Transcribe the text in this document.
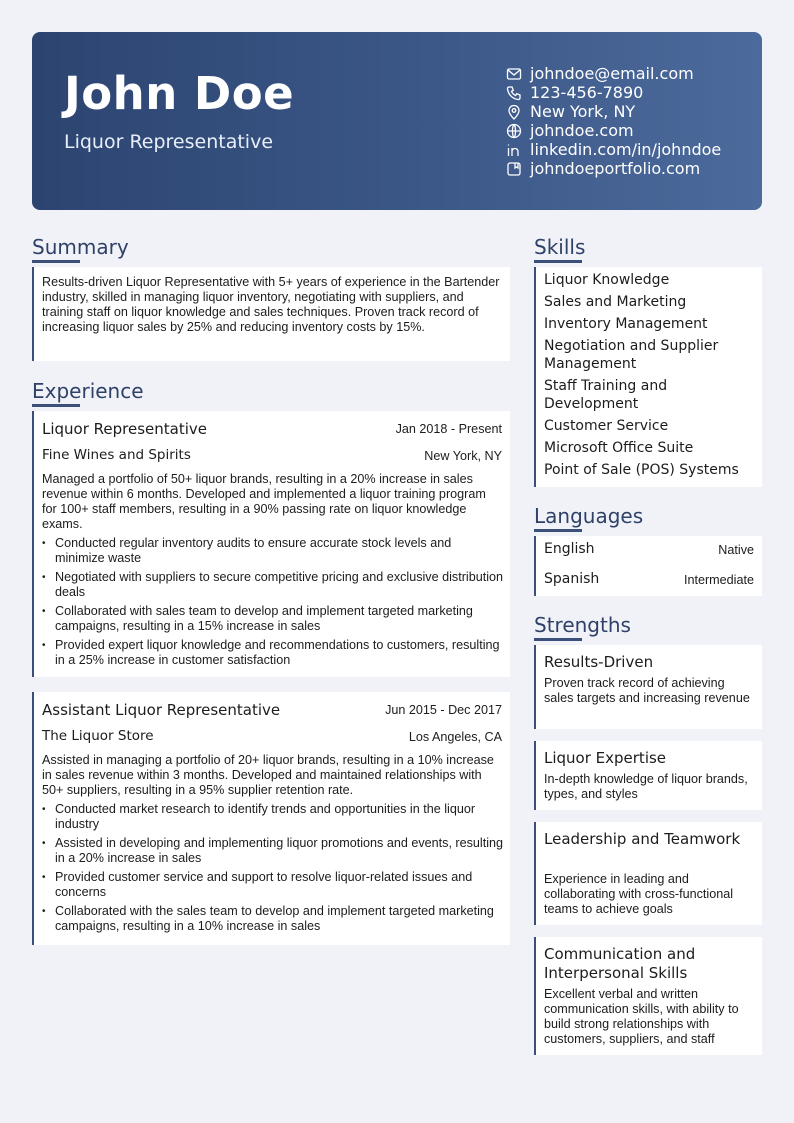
John Doe
Liquor Representative
johndoe@email.com
123-456-7890
New York, NY
johndoe.com
linkedin.com/in/johndoe
johndoeportfolio.com
Summary
Results-driven Liquor Representative with 5+ years of experience in the Bartender industry, skilled in managing liquor inventory, negotiating with suppliers, and training staff on liquor knowledge and sales techniques. Proven track record of increasing liquor sales by 25% and reducing inventory costs by 15%.
Experience
Liquor Representative	Jan 2018 - Present
Fine Wines and Spirits	New York, NY
Managed a portfolio of 50+ liquor brands, resulting in a 20% increase in sales revenue within 6 months. Developed and implemented a liquor training program for 100+ staff members, resulting in a 90% passing rate on liquor knowledge exams.
• Conducted regular inventory audits to ensure accurate stock levels and minimize waste
• Negotiated with suppliers to secure competitive pricing and exclusive distribution deals
• Collaborated with sales team to develop and implement targeted marketing campaigns, resulting in a 15% increase in sales
• Provided expert liquor knowledge and recommendations to customers, resulting in a 25% increase in customer satisfaction
Assistant Liquor Representative	Jun 2015 - Dec 2017
The Liquor Store	Los Angeles, CA
Assisted in managing a portfolio of 20+ liquor brands, resulting in a 10% increase in sales revenue within 3 months. Developed and maintained relationships with 50+ suppliers, resulting in a 95% supplier retention rate.
• Conducted market research to identify trends and opportunities in the liquor industry
• Assisted in developing and implementing liquor promotions and events, resulting in a 20% increase in sales
• Provided customer service and support to resolve liquor-related issues and concerns
• Collaborated with the sales team to develop and implement targeted marketing campaigns, resulting in a 10% increase in sales
Skills
Liquor Knowledge
Sales and Marketing
Inventory Management
Negotiation and Supplier Management
Staff Training and Development
Customer Service
Microsoft Office Suite
Point of Sale (POS) Systems
Languages
English	Native
Spanish	Intermediate
Strengths
Results-Driven
Proven track record of achieving sales targets and increasing revenue
Liquor Expertise
In-depth knowledge of liquor brands, types, and styles
Leadership and Teamwork
Experience in leading and collaborating with cross-functional teams to achieve goals
Communication and Interpersonal Skills
Excellent verbal and written communication skills, with ability to build strong relationships with customers, suppliers, and staff
